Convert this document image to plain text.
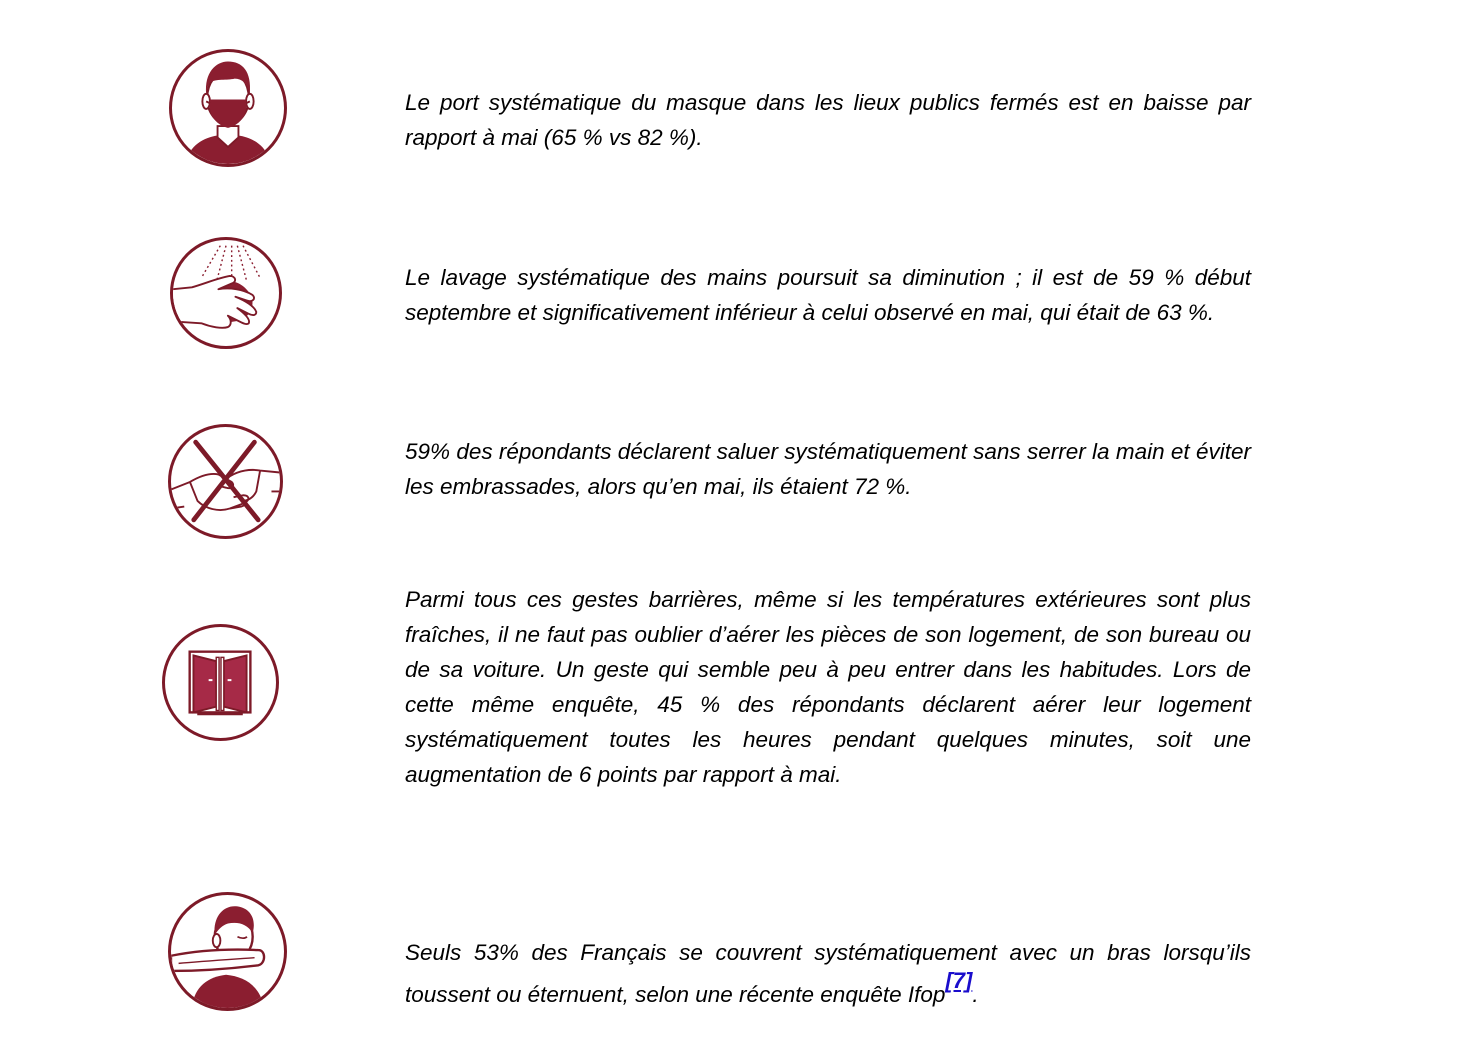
Le port systématique du masque dans les lieux publics fermés est en baisse par rapport à mai (65 % vs 82 %).

Le lavage systématique des mains poursuit sa diminution ; il est de 59 % début septembre et significativement inférieur à celui observé en mai, qui était de 63 %.

59% des répondants déclarent saluer systématiquement sans serrer la main et éviter les embrassades, alors qu’en mai, ils étaient 72 %.

Parmi tous ces gestes barrières, même si les températures extérieures sont plus fraîches, il ne faut pas oublier d’aérer les pièces de son logement, de son bureau ou de sa voiture. Un geste qui semble peu à peu entrer dans les habitudes. Lors de cette même enquête, 45 % des répondants déclarent aérer leur logement systématiquement toutes les heures pendant quelques minutes, soit une augmentation de 6 points par rapport à mai.

Seuls 53% des Français se couvrent systématiquement avec un bras lorsqu’ils toussent ou éternuent, selon une récente enquête Ifop[7].
